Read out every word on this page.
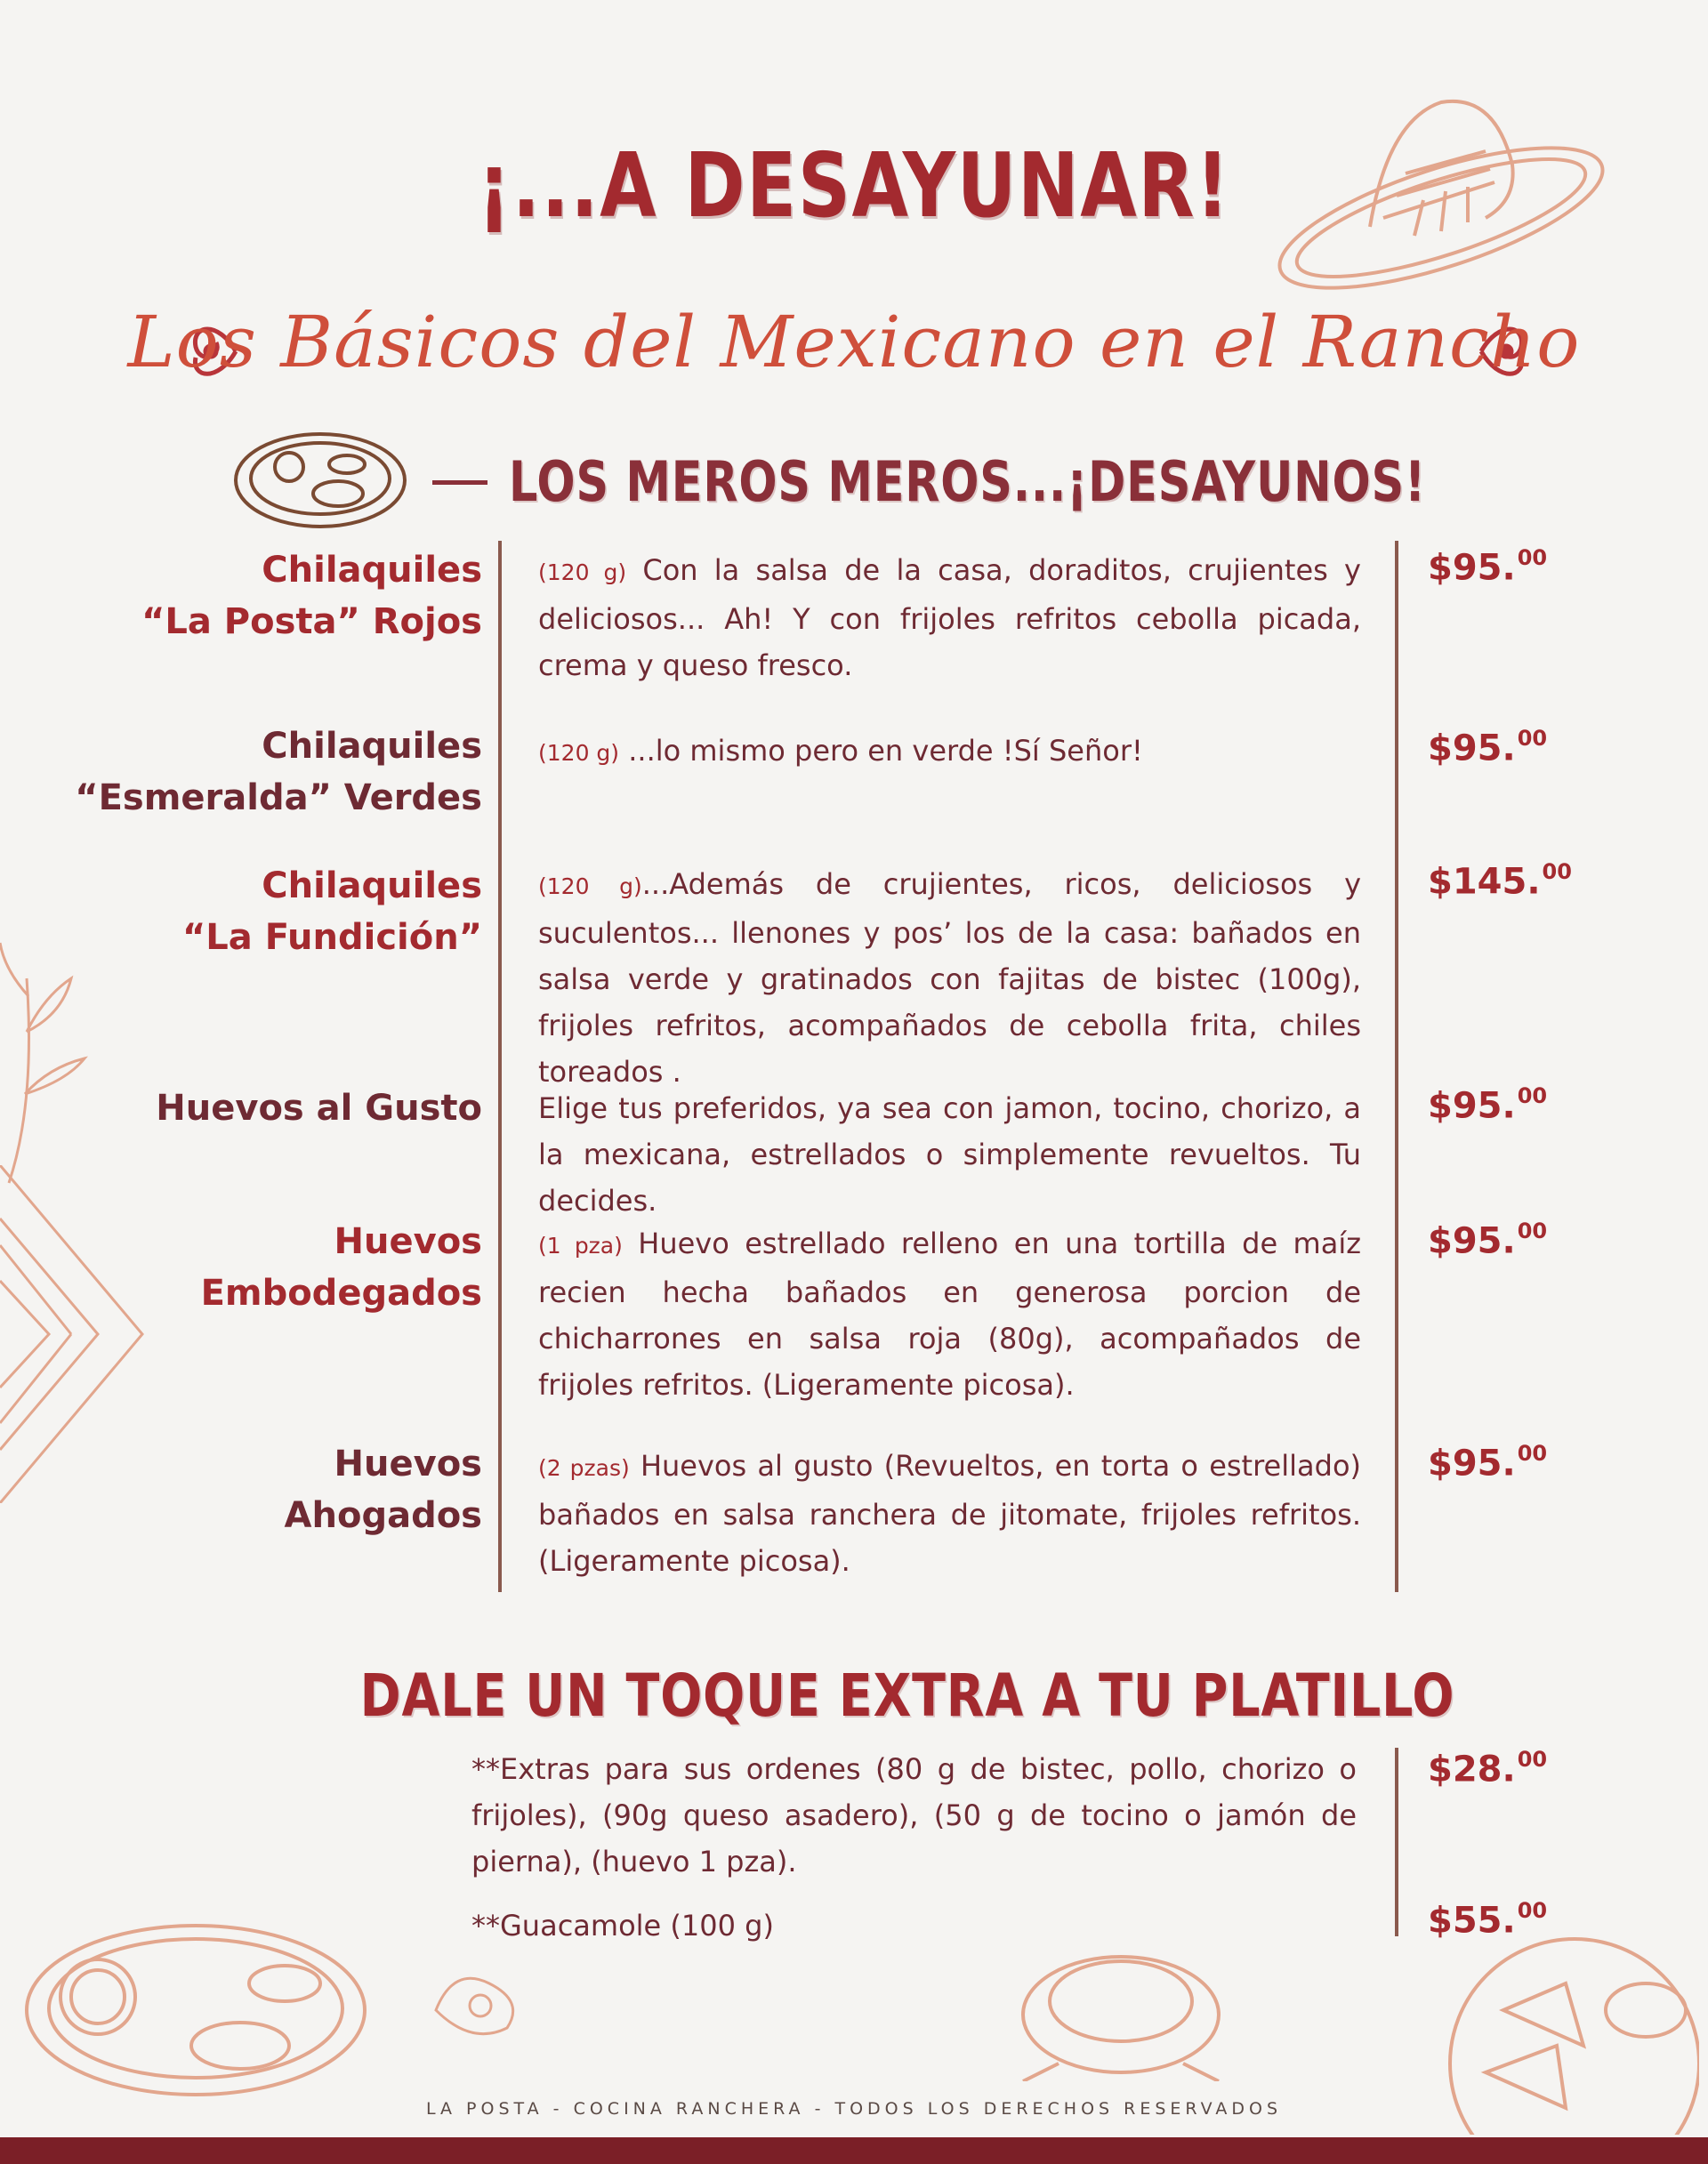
¡...A DESAYUNAR!
Los Básicos del Mexicano en el Rancho
LOS MEROS MEROS...¡DESAYUNOS!
Chilaquiles
“La Posta” Rojos
(120 g) Con la salsa de la casa, doraditos, crujientes y deliciosos... Ah! Y con frijoles refritos cebolla picada, crema y queso fresco.
$95.00
Chilaquiles
“Esmeralda” Verdes
(120 g) ...lo mismo pero en verde !Sí Señor!	$95.00
Chilaquiles
“La Fundición”
(120 g)...Además de crujientes, ricos, deliciosos y suculentos... llenones y pos’ los de la casa: bañados en salsa verde y gratinados con fajitas de bistec (100g), frijoles refritos, acompañados de cebolla frita, chiles toreados .
$145.00
Huevos al Gusto Elige tus preferidos, ya sea con jamon, tocino, chorizo, a la mexicana, estrellados o simplemente revueltos. Tu decides.
$95.00
Huevos
Embodegados
(1 pza) Huevo estrellado relleno en una tortilla de maíz recien hecha bañados en generosa porcion de chicharrones en salsa roja (80g), acompañados de frijoles refritos. (Ligeramente picosa).
$95.00
Huevos
Ahogados
(2 pzas) Huevos al gusto (Revueltos, en torta o estrellado) bañados en salsa ranchera de jitomate, frijoles refritos. (Ligeramente picosa).
$95.00
DALE UN TOQUE EXTRA A TU PLATILLO
**Extras para sus ordenes (80 g de bistec, pollo, chorizo o frijoles), (90g queso asadero), (50 g de tocino o jamón de pierna), (huevo 1 pza).
$28.00
**Guacamole (100 g)	$55.00
LA POSTA - COCINA RANCHERA - TODOS LOS DERECHOS RESERVADOS
